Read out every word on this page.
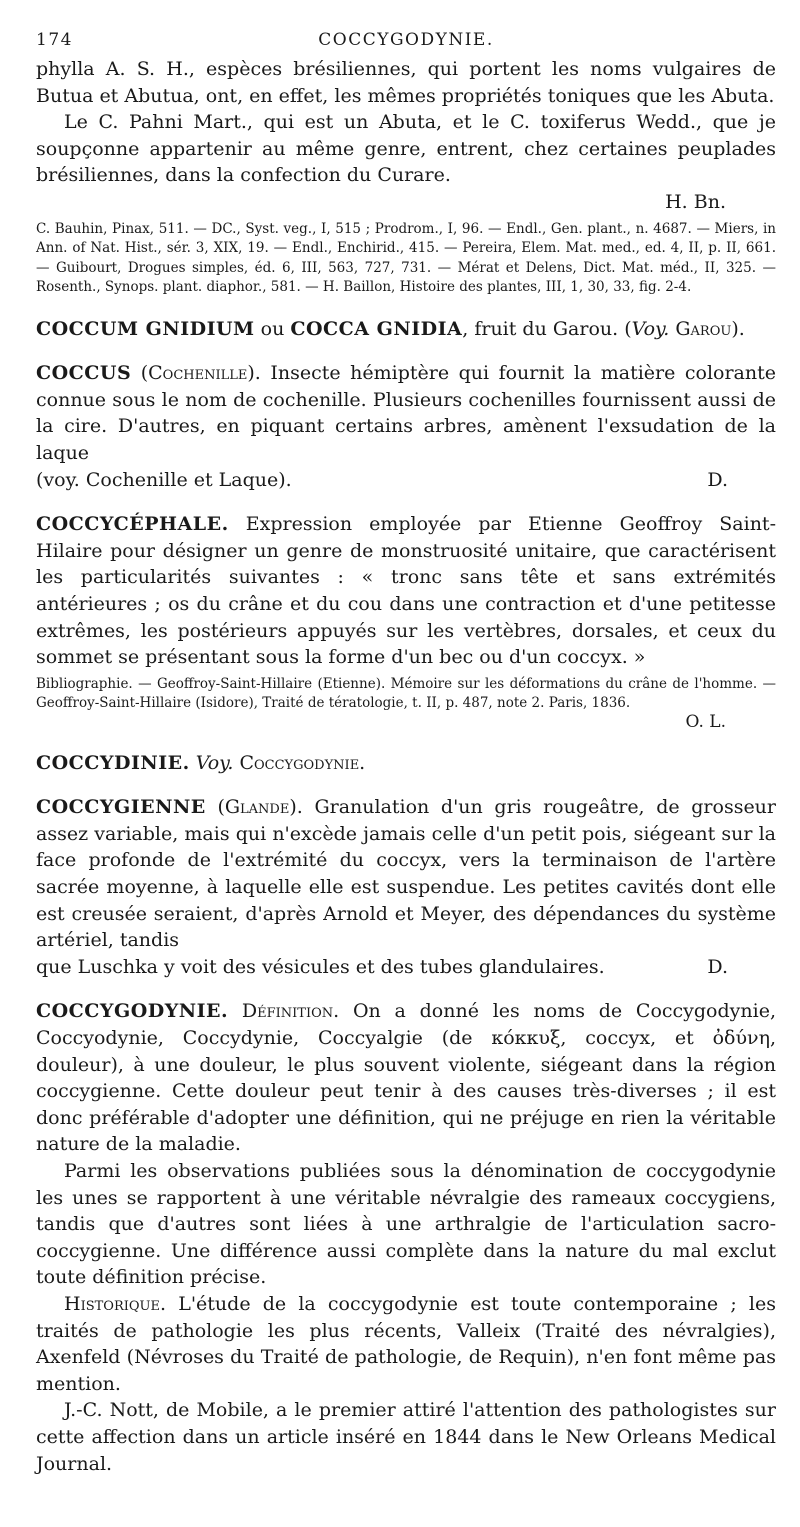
174	COCCYGODYNIE.

phylla A. S. H., espèces brésiliennes, qui portent les noms vulgaires de Butua et Abutua, ont, en effet, les mêmes propriétés toniques que les Abuta.

Le C. Pahni Mart., qui est un Abuta, et le C. toxiferus Wedd., que je soupçonne appartenir au même genre, entrent, chez certaines peuplades brésiliennes, dans la confection du Curare.

H. Bn.

C. Bauhin, Pinax, 511. — DC., Syst. veg., I, 515 ; Prodrom., I, 96. — Endl., Gen. plant., n. 4687. — Miers, in Ann. of Nat. Hist., sér. 3, XIX, 19. — Endl., Enchirid., 415. — Pereira, Elem. Mat. med., ed. 4, II, p. II, 661. — Guibourt, Drogues simples, éd. 6, III, 563, 727, 731. — Mérat et Delens, Dict. Mat. méd., II, 325. — Rosenth., Synops. plant. diaphor., 581. — H. Baillon, Histoire des plantes, III, 1, 30, 33, fig. 2-4.

COCCUM GNIDIUM ou COCCA GNIDIA, fruit du Garou. (Voy. Garou).

COCCUS (Cochenille). Insecte hémiptère qui fournit la matière colorante connue sous le nom de cochenille. Plusieurs cochenilles fournissent aussi de la cire. D'autres, en piquant certains arbres, amènent l'exsudation de la laque

(voy. Cochenille et Laque).	D.

COCCYCÉPHALE. Expression employée par Etienne Geoffroy Saint-Hilaire pour désigner un genre de monstruosité unitaire, que caractérisent les particularités suivantes : « tronc sans tête et sans extrémités antérieures ; os du crâne et du cou dans une contraction et d'une petitesse extrêmes, les postérieurs appuyés sur les vertèbres, dorsales, et ceux du sommet se présentant sous la forme d'un bec ou d'un coccyx. »

Bibliographie. — Geoffroy-Saint-Hillaire (Etienne). Mémoire sur les déformations du crâne de l'homme. — Geoffroy-Saint-Hillaire (Isidore), Traité de tératologie, t. II, p. 487, note 2. Paris, 1836.

O. L.

COCCYDINIE. Voy. Coccygodynie.

COCCYGIENNE (Glande). Granulation d'un gris rougeâtre, de grosseur assez variable, mais qui n'excède jamais celle d'un petit pois, siégeant sur la face profonde de l'extrémité du coccyx, vers la terminaison de l'artère sacrée moyenne, à laquelle elle est suspendue. Les petites cavités dont elle est creusée seraient, d'après Arnold et Meyer, des dépendances du système artériel, tandis

que Luschka y voit des vésicules et des tubes glandulaires.	D.

COCCYGODYNIE. Définition. On a donné les noms de Coccygodynie, Coccyodynie, Coccydynie, Coccyalgie (de κόκκυξ, coccyx, et ὀδύνη, douleur), à une douleur, le plus souvent violente, siégeant dans la région coccygienne. Cette douleur peut tenir à des causes très-diverses ; il est donc préférable d'adopter une définition, qui ne préjuge en rien la véritable nature de la maladie.

Parmi les observations publiées sous la dénomination de coccygodynie les unes se rapportent à une véritable névralgie des rameaux coccygiens, tandis que d'autres sont liées à une arthralgie de l'articulation sacro-coccygienne. Une différence aussi complète dans la nature du mal exclut toute définition précise.

Historique. L'étude de la coccygodynie est toute contemporaine ; les traités de pathologie les plus récents, Valleix (Traité des névralgies), Axenfeld (Névroses du Traité de pathologie, de Requin), n'en font même pas mention.

J.-C. Nott, de Mobile, a le premier attiré l'attention des pathologistes sur cette affection dans un article inséré en 1844 dans le New Orleans Medical Journal.
